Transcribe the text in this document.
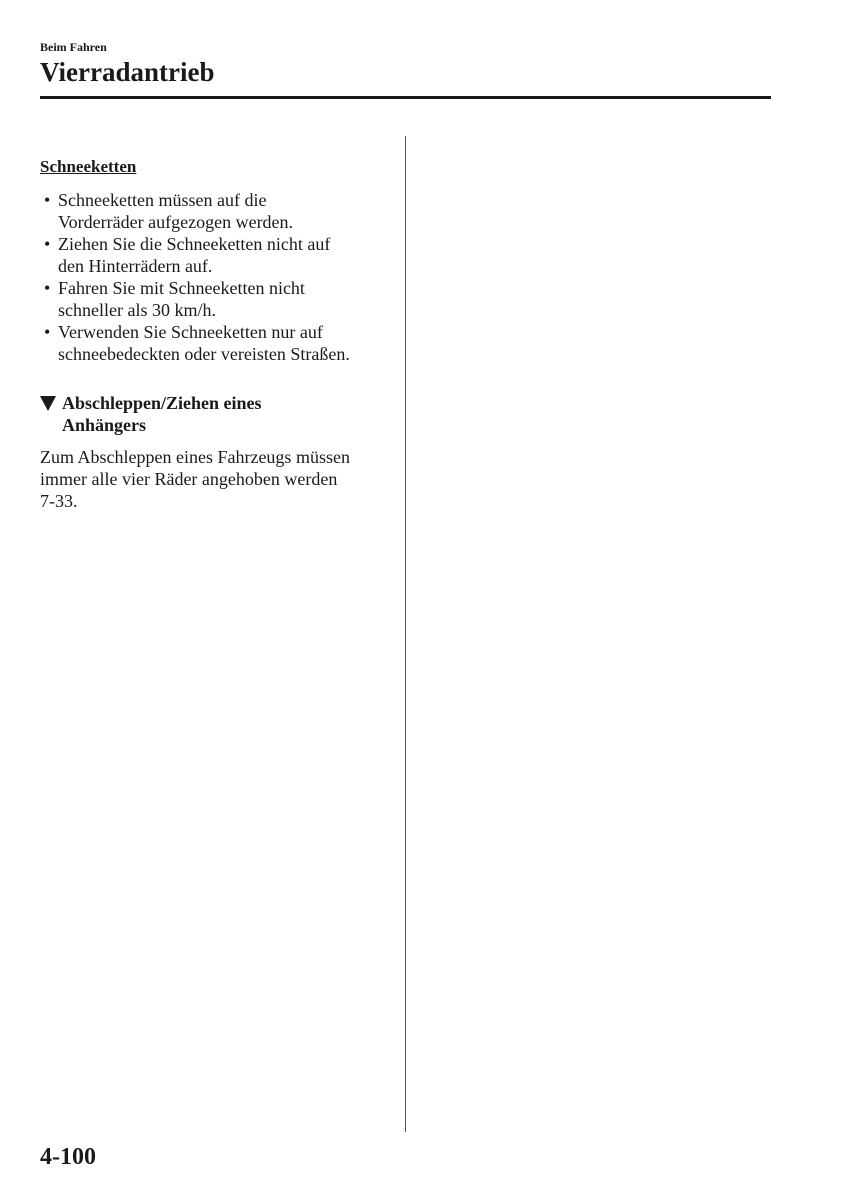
Beim Fahren
Vierradantrieb
Schneeketten
• Schneeketten müssen auf die
Vorderräder aufgezogen werden.
• Ziehen Sie die Schneeketten nicht auf
den Hinterrädern auf.
• Fahren Sie mit Schneeketten nicht
schneller als 30 km/h.
• Verwenden Sie Schneeketten nur auf
schneebedeckten oder vereisten Straßen.
Abschleppen/Ziehen eines
Anhängers

Zum Abschleppen eines Fahrzeugs müssen
immer alle vier Räder angehoben werden
7-33.

4-100
